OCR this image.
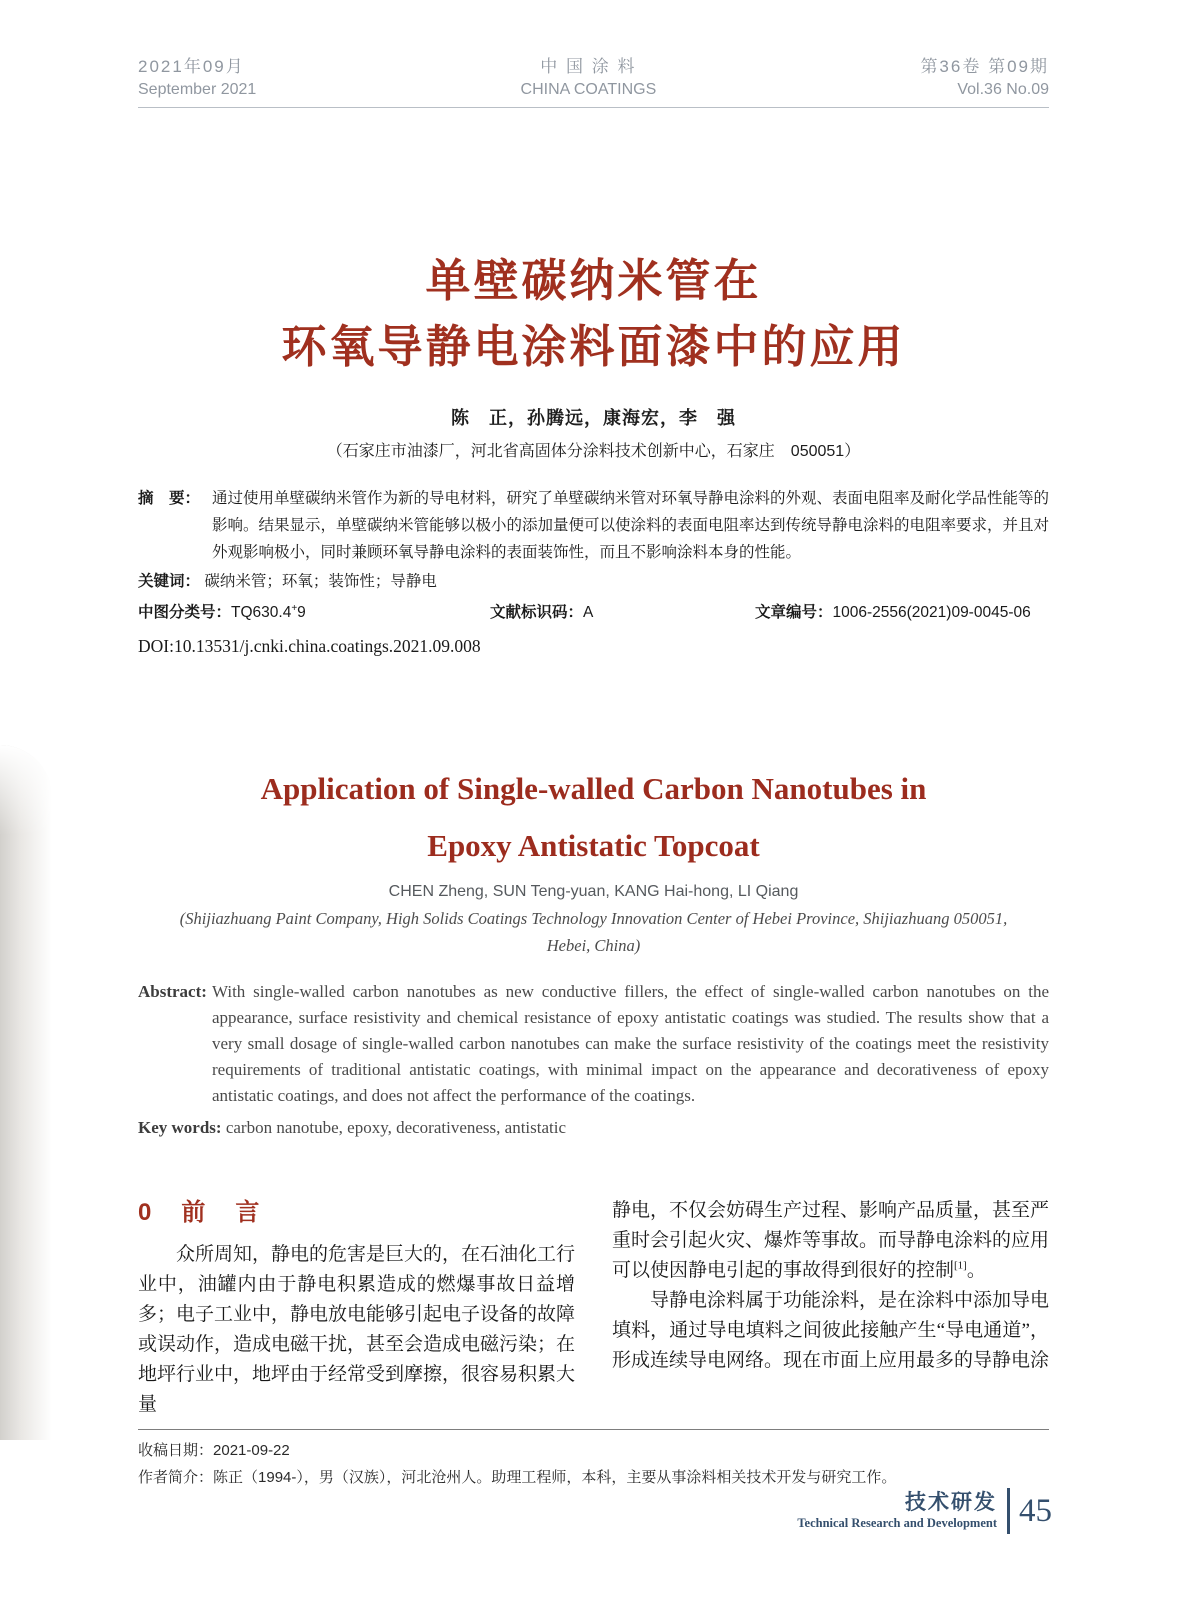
2021年09月
September 2021
中 国 涂 料
CHINA COATINGS
第36卷 第09期
Vol.36 No.09
单壁碳纳米管在
环氧导静电涂料面漆中的应用
陈　正，孙腾远，康海宏，李　强
（石家庄市油漆厂，河北省高固体分涂料技术创新中心，石家庄　050051）
摘　要： 通过使用单壁碳纳米管作为新的导电材料，研究了单壁碳纳米管对环氧导静电涂料的外观、表面电阻率及耐化学品性能等的影响。结果显示，单壁碳纳米管能够以极小的添加量便可以使涂料的表面电阻率达到传统导静电涂料的电阻率要求，并且对外观影响极小，同时兼顾环氧导静电涂料的表面装饰性，而且不影响涂料本身的性能。
关键词： 碳纳米管；环氧；装饰性；导静电
中图分类号：TQ630.4+9	文献标识码：A	文章编号：1006-2556(2021)09-0045-06
DOI:10.13531/j.cnki.china.coatings.2021.09.008
Application of Single-walled Carbon Nanotubes in
Epoxy Antistatic Topcoat
CHEN Zheng, SUN Teng-yuan, KANG Hai-hong, LI Qiang
(Shijiazhuang Paint Company, High Solids Coatings Technology Innovation Center of Hebei Province, Shijiazhuang 050051,
Hebei, China)
Abstract: With single-walled carbon nanotubes as new conductive fillers, the effect of single-walled carbon nanotubes on the appearance, surface resistivity and chemical resistance of epoxy antistatic coatings was studied. The results show that a very small dosage of single-walled carbon nanotubes can make the surface resistivity of the coatings meet the resistivity requirements of traditional antistatic coatings, with minimal impact on the appearance and decorativeness of epoxy antistatic coatings, and does not affect the performance of the coatings.
Key words: carbon nanotube, epoxy, decorativeness, antistatic
0 前言

众所周知，静电的危害是巨大的，在石油化工行业中，油罐内由于静电积累造成的燃爆事故日益增多；电子工业中，静电放电能够引起电子设备的故障或误动作，造成电磁干扰，甚至会造成电磁污染；在地坪行业中，地坪由于经常受到摩擦，很容易积累大量

静电，不仅会妨碍生产过程、影响产品质量，甚至严重时会引起火灾、爆炸等事故。而导静电涂料的应用可以使因静电引起的事故得到很好的控制[1]。

导静电涂料属于功能涂料，是在涂料中添加导电填料，通过导电填料之间彼此接触产生“导电通道”，形成连续导电网络。现在市面上应用最多的导静电涂

收稿日期：2021-09-22
作者简介：陈正（1994-），男（汉族），河北沧州人。助理工程师，本科，主要从事涂料相关技术开发与研究工作。
技术研发
Technical Research and Development 45
